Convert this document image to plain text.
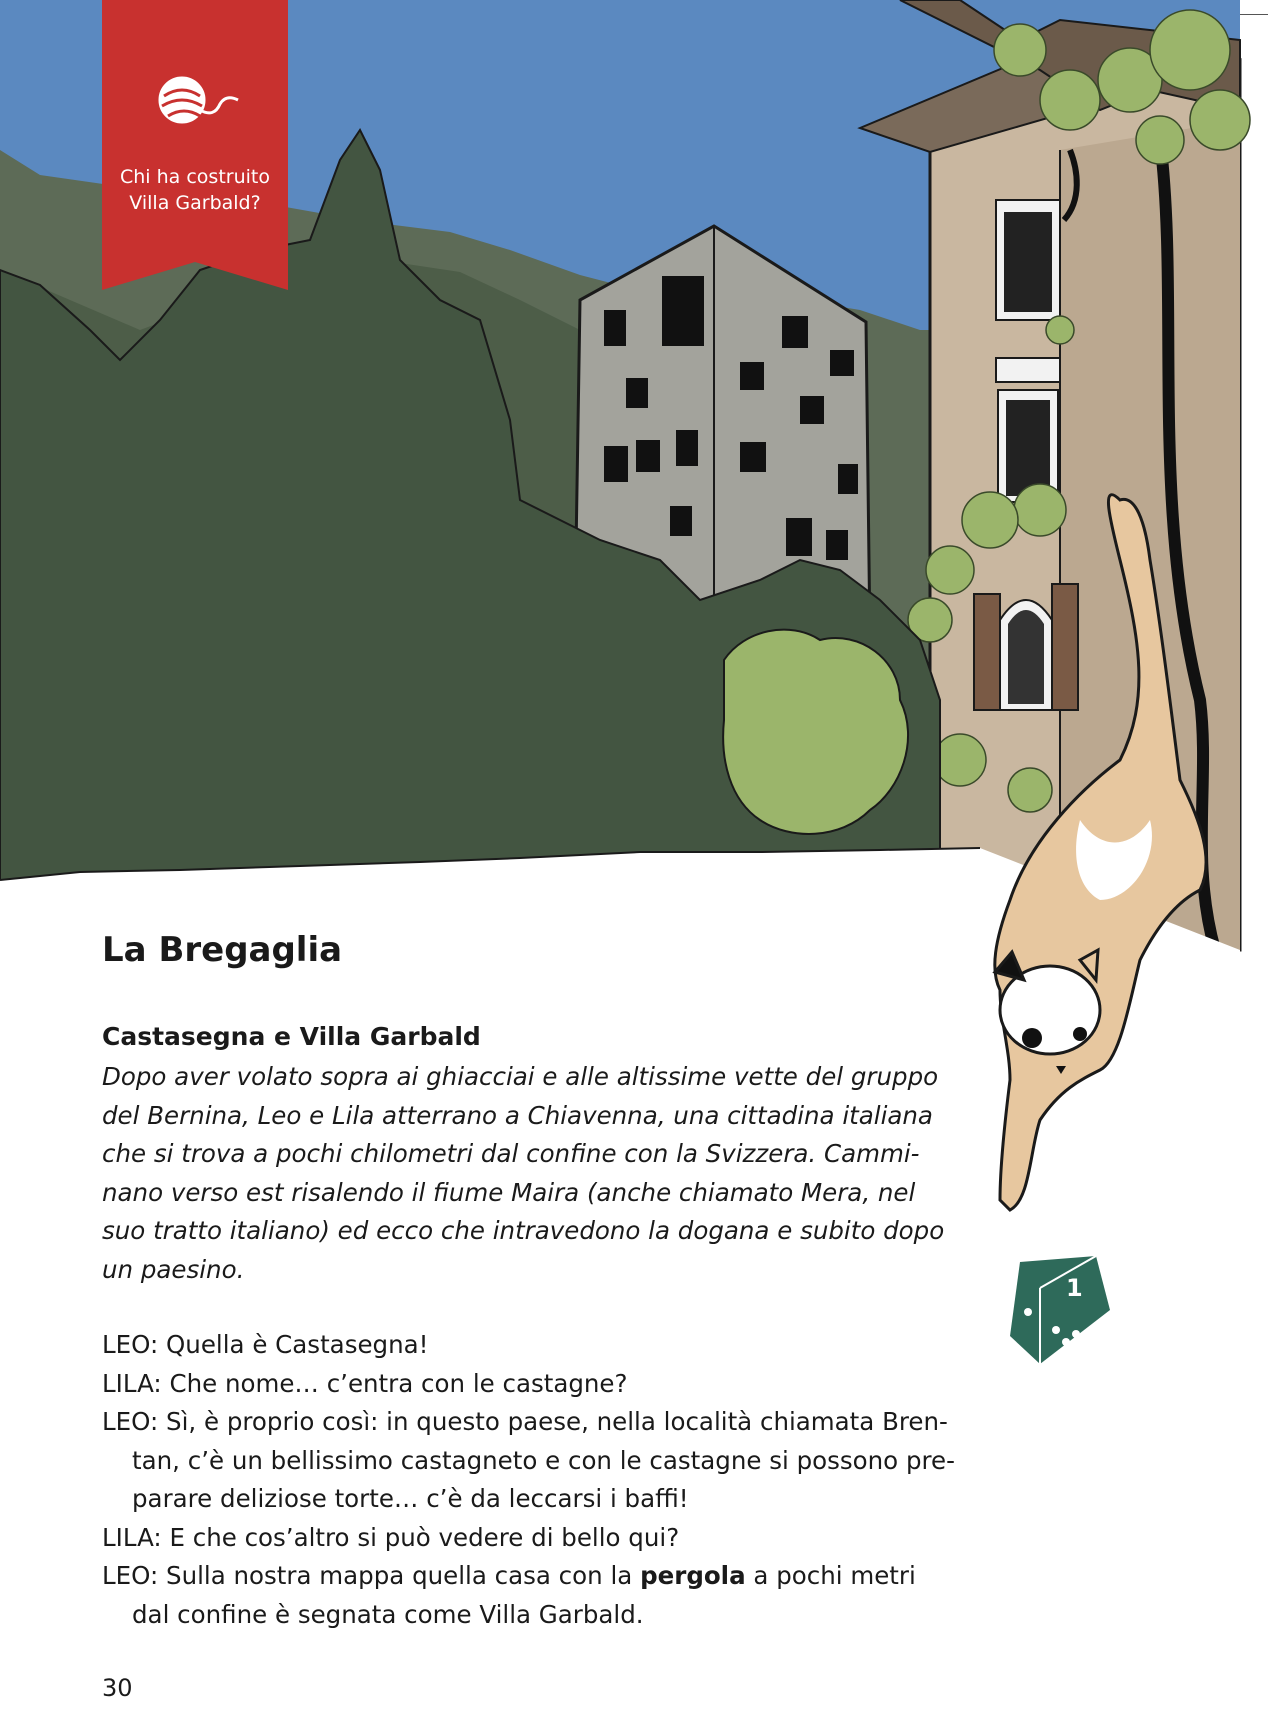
1
Chi ha costruito
Villa Garbald?
La Bregaglia
Castasegna e Villa Garbald

Dopo aver volato sopra ai ghiacciai e alle altissime vette del gruppo
del Bernina, Leo e Lila atterrano a Chiavenna, una cittadina italiana
che si trova a pochi chilometri dal confine con la Svizzera. Cammi-
nano verso est risalendo il fiume Maira (anche chiamato Mera, nel
suo tratto italiano) ed ecco che intravedono la dogana e subito dopo
un paesino.

LEO: Quella è Castasegna!
LILA: Che nome… c’entra con le castagne?
LEO: Sì, è proprio così: in questo paese, nella località chiamata Bren-
tan, c’è un bellissimo castagneto e con le castagne si possono pre-
parare deliziose torte… c’è da leccarsi i baffi!
LILA: E che cos’altro si può vedere di bello qui?
LEO: Sulla nostra mappa quella casa con la pergola a pochi metri
dal confine è segnata come Villa Garbald.
30
